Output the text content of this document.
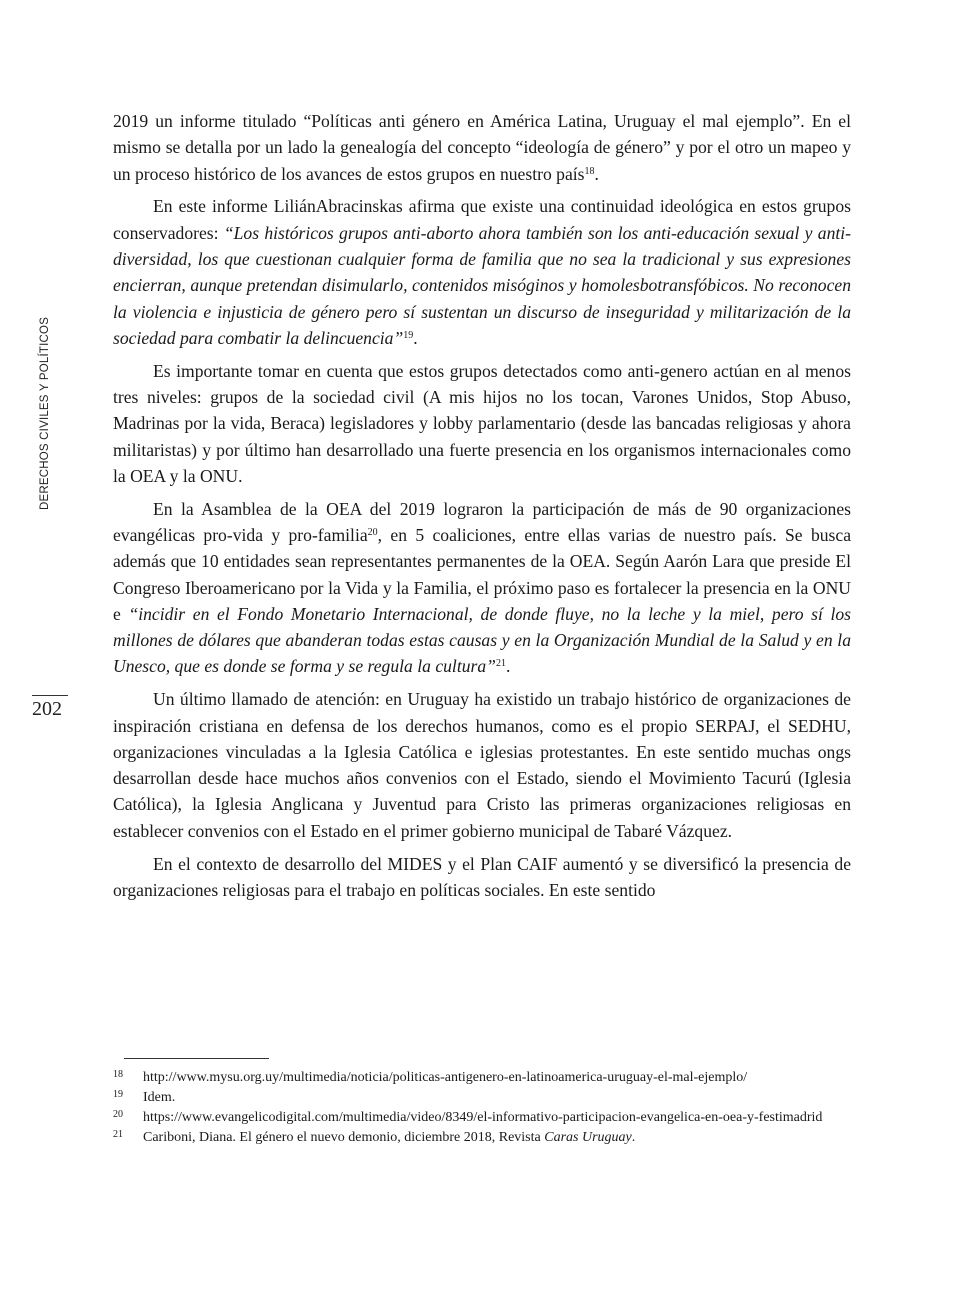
DERECHOS CIVILES Y POLÍTICOS
202

2019 un informe titulado “Políticas anti género en América Latina, Uruguay el mal ejemplo”. En el mismo se detalla por un lado la genealogía del concepto “ideología de género” y por el otro un mapeo y un proceso histórico de los avances de estos grupos en nuestro país$^{18}$.

En este informe LiliánAbracinskas afirma que existe una continuidad ideológica en estos grupos conservadores: “Los históricos grupos anti-aborto ahora también son los anti-educación sexual y anti-diversidad, los que cuestionan cualquier forma de familia que no sea la tradicional y sus expresiones encierran, aunque pretendan disimularlo, contenidos misóginos y homolesbotransfóbicos. No reconocen la violencia e injusticia de género pero sí sustentan un discurso de inseguridad y militarización de la sociedad para combatir la delincuencia”$^{19}$.

Es importante tomar en cuenta que estos grupos detectados como anti-genero actúan en al menos tres niveles: grupos de la sociedad civil (A mis hijos no los tocan, Varones Unidos, Stop Abuso, Madrinas por la vida, Beraca) legisladores y lobby parlamentario (desde las bancadas religiosas y ahora militaristas) y por último han desarrollado una fuerte presencia en los organismos internacionales como la OEA y la ONU.

En la Asamblea de la OEA del 2019 lograron la participación de más de 90 organizaciones evangélicas pro-vida y pro-familia$^{20}$, en 5 coaliciones, entre ellas varias de nuestro país. Se busca además que 10 entidades sean representantes permanentes de la OEA. Según Aarón Lara que preside El Congreso Iberoamericano por la Vida y la Familia, el próximo paso es fortalecer la presencia en la ONU e “incidir en el Fondo Monetario Internacional, de donde fluye, no la leche y la miel, pero sí los millones de dólares que abanderan todas estas causas y en la Organización Mundial de la Salud y en la Unesco, que es donde se forma y se regula la cultura”$^{21}$.

Un último llamado de atención: en Uruguay ha existido un trabajo histórico de organizaciones de inspiración cristiana en defensa de los derechos humanos, como es el propio SERPAJ, el SEDHU, organizaciones vinculadas a la Iglesia Católica e iglesias protestantes. En este sentido muchas ongs desarrollan desde hace muchos años convenios con el Estado, siendo el Movimiento Tacurú (Iglesia Católica), la Iglesia Anglicana y Juventud para Cristo las primeras organizaciones religiosas en establecer convenios con el Estado en el primer gobierno municipal de Tabaré Vázquez.

En el contexto de desarrollo del MIDES y el Plan CAIF aumentó y se diversificó la presencia de organizaciones religiosas para el trabajo en políticas sociales. En este sentido

18 http://www.mysu.org.uy/multimedia/noticia/politicas-antigenero-en-latinoamerica-uruguay-el-mal-ejemplo/
19 Idem.
20 https://www.evangelicodigital.com/multimedia/video/8349/el-informativo-participacion-evangelica-en-oea-y-festimadrid
21 Cariboni, Diana. El género el nuevo demonio, diciembre 2018, Revista Caras Uruguay.
